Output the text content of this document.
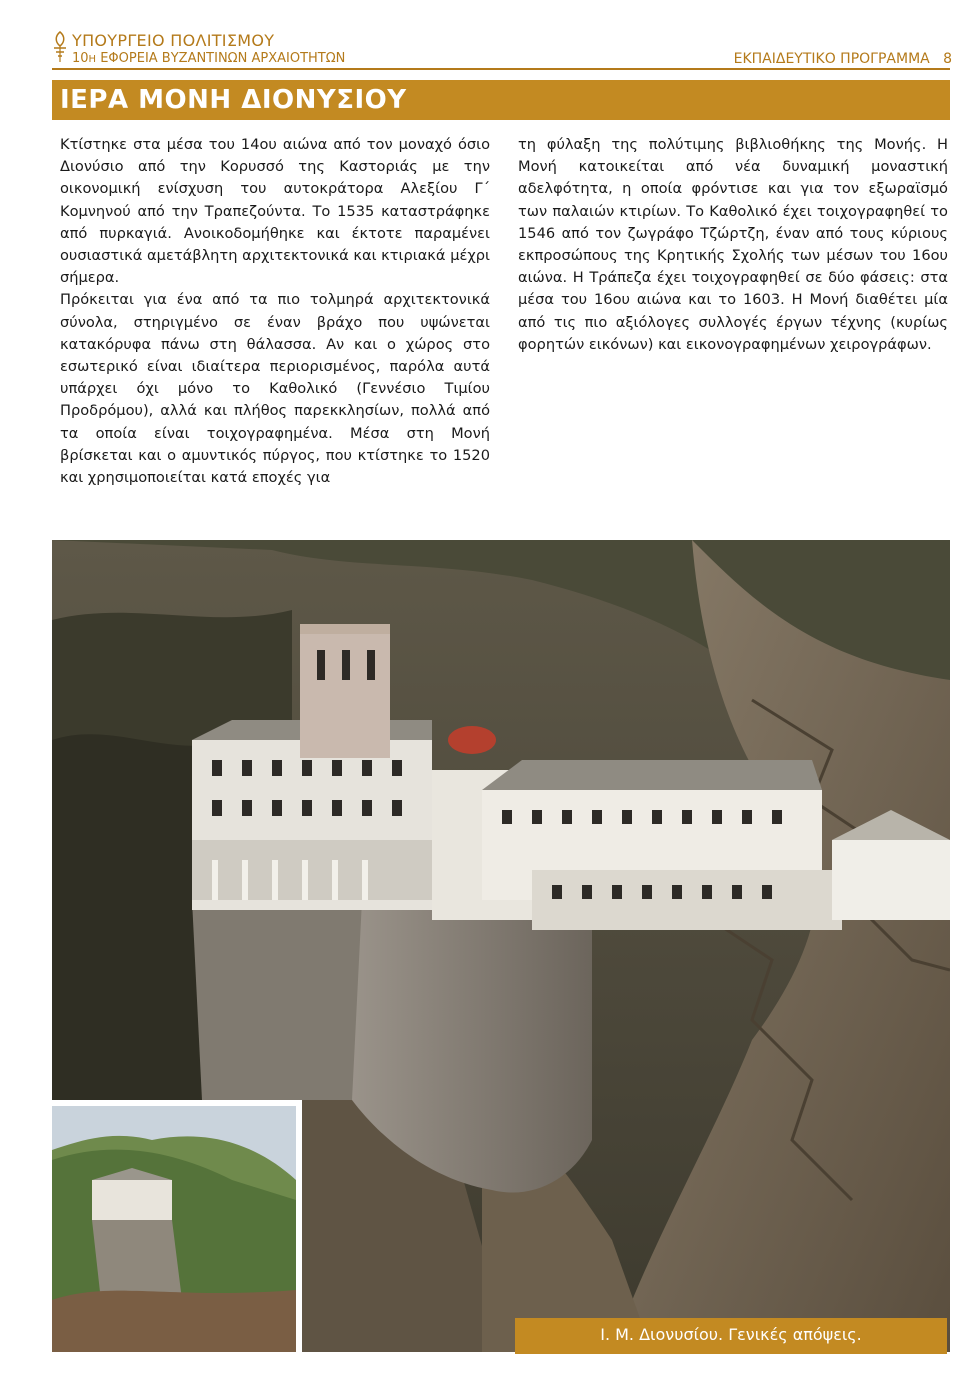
ΥΠΟΥΡΓΕΙΟ ΠΟΛΙΤΙΣΜΟΥ
10Η ΕΦΟΡΕΙΑ ΒΥΖΑΝΤΙΝΩΝ ΑΡΧΑΙΟΤΗΤΩΝ	ΕΚΠΑΙΔΕΥΤΙΚΟ ΠΡΟΓΡΑΜΜΑ 8
ΙΕΡΑ ΜΟΝΗ ΔΙΟΝΥΣΙΟΥ

Κτίστηκε στα μέσα του 14ου αιώνα από τον μοναχό όσιο Διονύσιο από την Κορυσσό της Καστοριάς με την οικονομική ενίσχυση του αυτοκράτορα Αλεξίου Γ΄ Κομνηνού από την Τραπεζούντα. Το 1535 καταστράφηκε από πυρκαγιά. Ανοικοδομήθηκε και έκτοτε παραμένει ουσιαστικά αμετάβλητη αρχιτεκτονικά και κτιριακά μέχρι σήμερα.

Πρόκειται για ένα από τα πιο τολμηρά αρχιτεκτονικά σύνολα, στηριγμένο σε έναν βράχο που υψώνεται κατακόρυφα πάνω στη θάλασσα. Αν και ο χώρος στο εσωτερικό είναι ιδιαίτερα περιορισμένος, παρόλα αυτά υπάρχει όχι μόνο το Καθολικό (Γεννέσιο Τιμίου Προδρόμου), αλλά και πλήθος παρεκκλησίων, πολλά από τα οποία είναι τοιχογραφημένα. Μέσα στη Μονή βρίσκεται και ο αμυντικός πύργος, που κτίστηκε το 1520 και χρησιμοποιείται κατά εποχές για

τη φύλαξη της πολύτιμης βιβλιοθήκης της Μονής. Η Μονή κατοικείται από νέα δυναμική μοναστική αδελφότητα, η οποία φρόντισε και για τον εξωραϊσμό των παλαιών κτιρίων. Το Καθολικό έχει τοιχογραφηθεί το 1546 από τον ζωγράφο Τζώρτζη, έναν από τους κύριους εκπροσώπους της Κρητικής Σχολής των μέσων του 16ου αιώνα. Η Τράπεζα έχει τοιχογραφηθεί σε δύο φάσεις: στα μέσα του 16ου αιώνα και το 1603. Η Μονή διαθέτει μία από τις πιο αξιόλογες συλλογές έργων τέχνης (κυρίως φορητών εικόνων) και εικονογραφημένων χειρογράφων.

Ι. Μ. Διονυσίου. Γενικές απόψεις.
